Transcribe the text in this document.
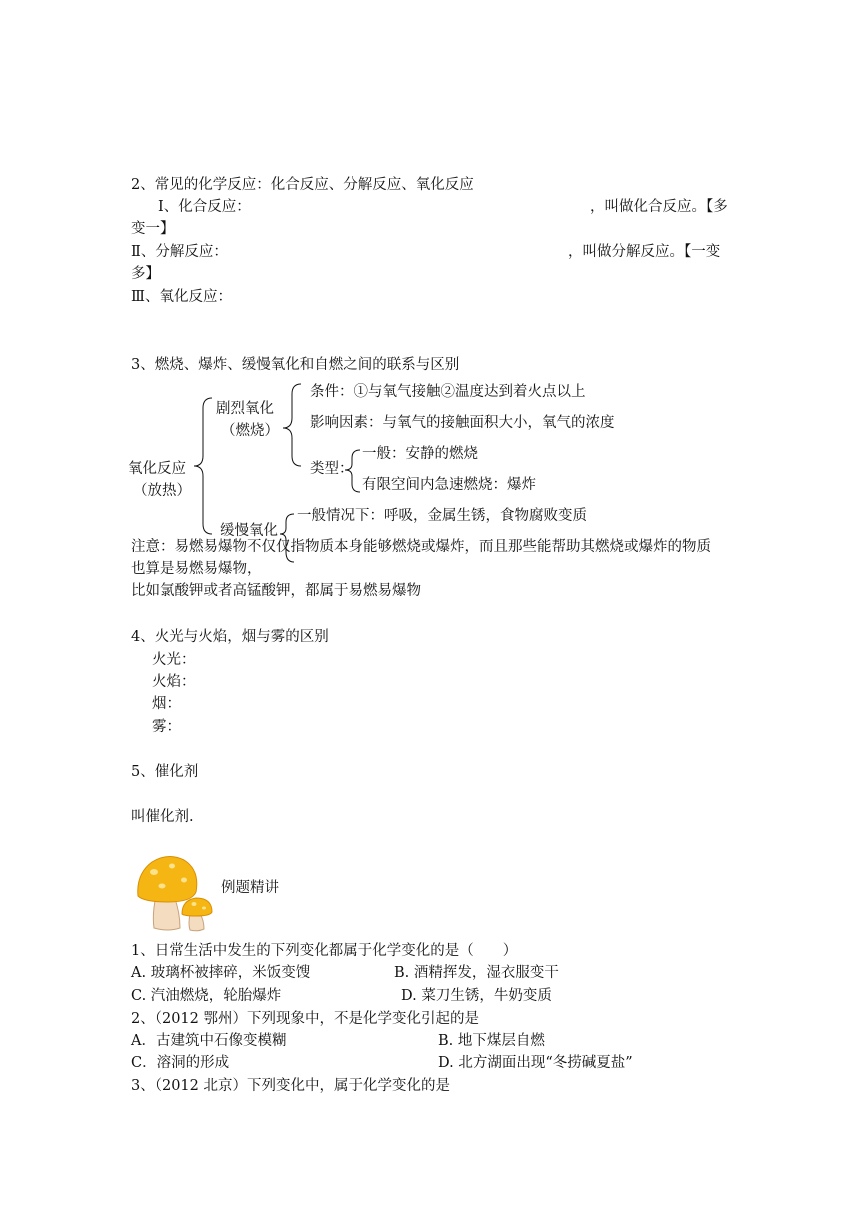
2、常见的化学反应：化合反应、分解反应、氧化反应
Ⅰ、化合反应：	，叫做化合反应。【多
变一】
Ⅱ、分解反应：	，叫做分解反应。【一变
多】
Ⅲ、氧化反应：
3、燃烧、爆炸、缓慢氧化和自燃之间的联系与区别
剧烈氧化
（燃烧）
条件：①与氧气接触②温度达到着火点以上
影响因素：与氧气的接触面积大小，氧气的浓度
类型：
一般：安静的燃烧
有限空间内急速燃烧：爆炸
氧化反应
（放热）
一般情况下：呼吸，金属生锈，食物腐败变质
缓慢氧化
注意：易燃易爆物不仅仅指物质本身能够燃烧或爆炸，而且那些能帮助其燃烧或爆炸的物质
也算是易燃易爆物，
比如氯酸钾或者高锰酸钾，都属于易燃易爆物
4、火光与火焰，烟与雾的区别
火光：
火焰：
烟：
雾：
5、催化剂
叫催化剂.
例题精讲
1、日常生活中发生的下列变化都属于化学变化的是（　　）
A. 玻璃杯被摔碎，米饭变馊	B. 酒精挥发，湿衣服变干
C. 汽油燃烧，轮胎爆炸	D. 菜刀生锈，牛奶变质
2、（2012 鄂州）下列现象中，不是化学变化引起的是
A．古建筑中石像变模糊	B. 地下煤层自燃
C．溶洞的形成	D. 北方湖面出现“冬捞碱夏盐”
3、（2012 北京）下列变化中，属于化学变化的是
